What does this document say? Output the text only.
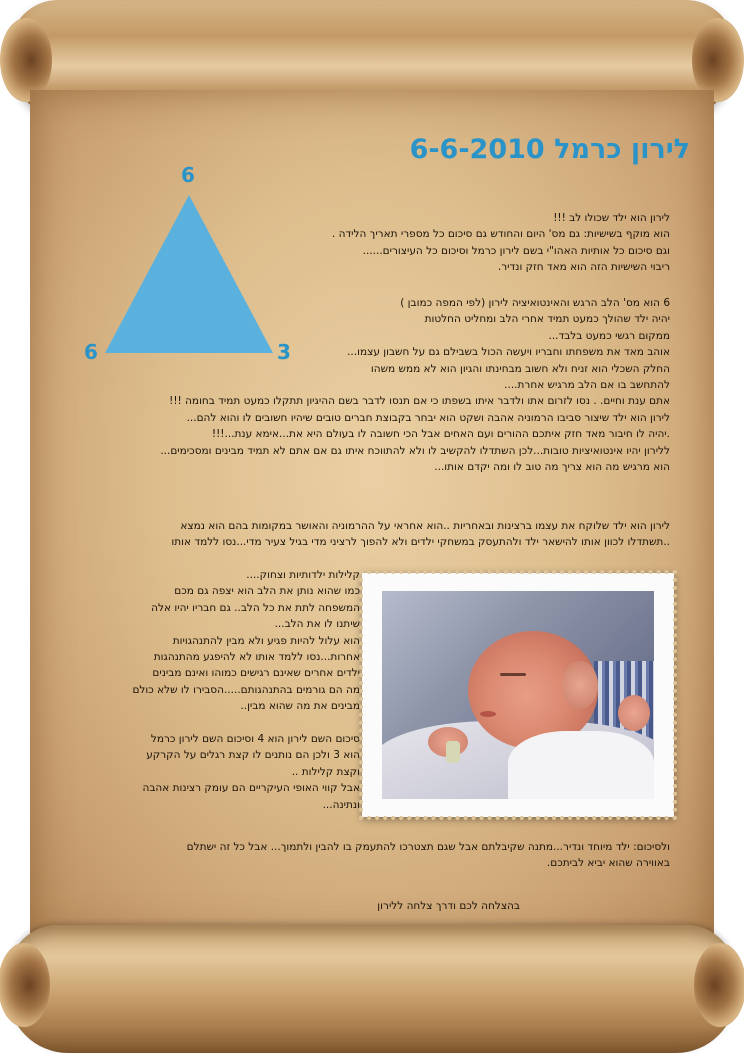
לירון כרמל 6-6-2010
6
6	3
לירון הוא ילד שכולו לב !!!
הוא מוקף בשישיות: גם מס' היום והחודש גם סיכום כל מספרי תאריך הלידה .
וגם סיכום כל אותיות האהו"י בשם לירון כרמל וסיכום כל העיצורים......
ריבוי השישיות הזה הוא מאד חזק ונדיר.
6 הוא מס' הלב הרגש והאינטואיציה לירון (לפי המפה כמובן )
יהיה ילד שהולך כמעט תמיד אחרי הלב ומחליט החלטות
ממקום רגשי כמעט בלבד...
אוהב מאד את משפחתו וחבריו ויעשה הכול בשבילם גם על חשבון עצמו...
החלק השכלי הוא זניח ולא חשוב מבחינתו והגיון הוא לא ממש משהו
להתחשב בו אם הלב מרגיש אחרת....
אתם ענת וחיים. . נסו לזרום אתו ולדבר איתו בשפתו כי אם תנסו לדבר בשם ההיגיון תתקלו כמעט תמיד בחומה !!!
לירון הוא ילד שיצור סביבו הרמוניה אהבה ושקט הוא יבחר בקבוצת חברים טובים שיהיו חשובים לו והוא להם...
.יהיה לו חיבור מאד חזק איתכם ההורים ועם האחים אבל הכי חשובה לו בעולם היא את...אימא ענת...!!!
ללירון יהיו אינטואיציות טובות...לכן השתדלו להקשיב לו ולא להתווכח איתו גם אם אתם לא תמיד מבינים ומסכימים...
הוא מרגיש מה הוא צריך מה טוב לו ומה יקדם אותו...
לירון הוא ילד שלוקח את עצמו ברצינות ובאחריות ..הוא אחראי על ההרמוניה והאושר במקומות בהם הוא נמצא
..תשתדלו לכוון אותו להישאר ילד ולהתעסק במשחקי ילדים ולא להפוך לרציני מדי בגיל צעיר מדי...נסו ללמד אותו
קלילות ילדותיות וצחוק....
כמו שהוא נותן את הלב הוא יצפה גם מכם
המשפחה לתת את כל הלב.. גם חבריו יהיו אלה
שיתנו לו את הלב...
הוא עלול להיות פגיע ולא מבין להתנהגויות
אחרות...נסו ללמד אותו לא להיפגע מהתנהגות
ילדים אחרים שאינם רגישים כמוהו ואינם מבינים
מה הם גורמים בהתנהגותם.....הסבירו לו שלא כולם
מבינים את מה שהוא מבין..
סיכום השם לירון הוא 4 וסיכום השם לירון כרמל
הוא 3 ולכן הם נותנים לו קצת רגלים על הקרקע
וקצת קלילות ..
אבל קווי האופי העיקריים הם עומק רצינות אהבה
ונתינה...
ולסיכום: ילד מיוחד ונדיר...מתנה שקיבלתם אבל שגם תצטרכו להתעמק בו להבין ולתמוך... אבל כל זה ישתלם
באווירה שהוא יביא לביתכם.
בהצלחה לכם ודרך צלחה ללירון
